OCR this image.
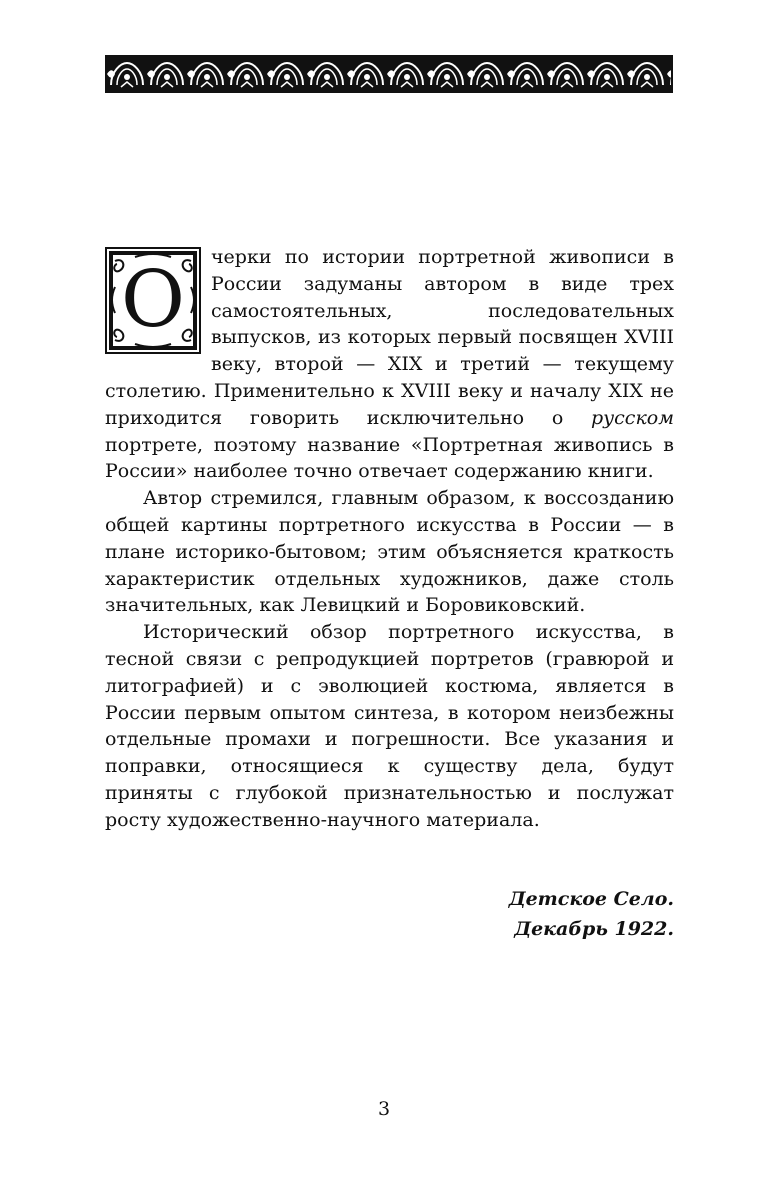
О	черки по истории портретной живописи в России задуманы автором в виде трех самостоятельных, последовательных выпусков, из которых первый посвящен XVIII веку, второй — XIX и третий — текущему столетию. Применительно к XVIII веку и началу XIX не приходится говорить исключительно о русском портрете, поэтому название «Портретная живопись в России» наиболее точно отвечает содержанию книги.

Автор стремился, главным образом, к воссозданию общей картины портретного искусства в России — в плане историко-бытовом; этим объясняется краткость характеристик отдельных художников, даже столь значительных, как Левицкий и Боровиковский.

Исторический обзор портретного искусства, в тесной связи с репродукцией портретов (гравюрой и литографией) и с эволюцией костюма, является в России первым опытом синтеза, в котором неизбежны отдельные промахи и погрешности. Все указания и поправки, относящиеся к существу дела, будут приняты с глубокой признательностью и послужат росту художественно-научного материала.

Детское Село.
Декабрь 1922.
3
